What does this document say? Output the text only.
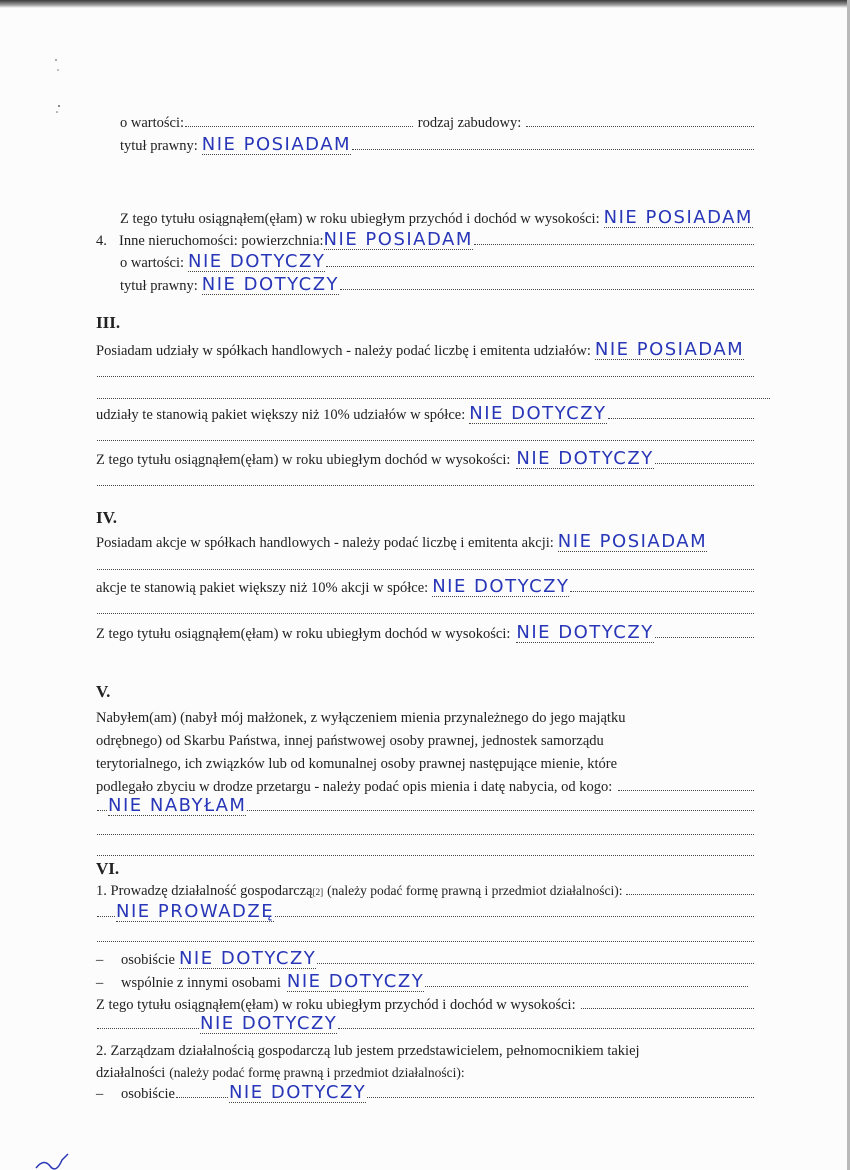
o wartości:	rodzaj zabudowy:
tytuł prawny: NIE POSIADAM
Z tego tytułu osiągnąłem(ęłam) w roku ubiegłym przychód i dochód w wysokości: NIE POSIADAM
4. Inne nieruchomości: powierzchnia: NIE POSIADAM
o wartości: NIE DOTYCZY
tytuł prawny: NIE DOTYCZY
III.
Posiadam udziały w spółkach handlowych - należy podać liczbę i emitenta udziałów: NIE POSIADAM
udziały te stanowią pakiet większy niż 10% udziałów w spółce: NIE DOTYCZY
Z tego tytułu osiągnąłem(ęłam) w roku ubiegłym dochód w wysokości: NIE DOTYCZY
IV.
Posiadam akcje w spółkach handlowych - należy podać liczbę i emitenta akcji: NIE POSIADAM
akcje te stanowią pakiet większy niż 10% akcji w spółce: NIE DOTYCZY
Z tego tytułu osiągnąłem(ęłam) w roku ubiegłym dochód w wysokości: NIE DOTYCZY
V.
Nabyłem(am) (nabył mój małżonek, z wyłączeniem mienia przynależnego do jego majątku
odrębnego) od Skarbu Państwa, innej państwowej osoby prawnej, jednostek samorządu
terytorialnego, ich związków lub od komunalnej osoby prawnej następujące mienie, które
podlegało zbyciu w drodze przetargu - należy podać opis mienia i datę nabycia, od kogo:
NIE NABYŁAM
VI.
1. Prowadzę działalność gospodarczą [2] (należy podać formę prawną i przedmiot działalności):
NIE PROWADZĘ
–	osobiście NIE DOTYCZY
–	wspólnie z innymi osobami NIE DOTYCZY
Z tego tytułu osiągnąłem(ęłam) w roku ubiegłym przychód i dochód w wysokości:
NIE DOTYCZY
2. Zarządzam działalnością gospodarczą lub jestem przedstawicielem, pełnomocnikiem takiej
działalności (należy podać formę prawną i przedmiot działalności):
–	osobiście	NIE DOTYCZY
